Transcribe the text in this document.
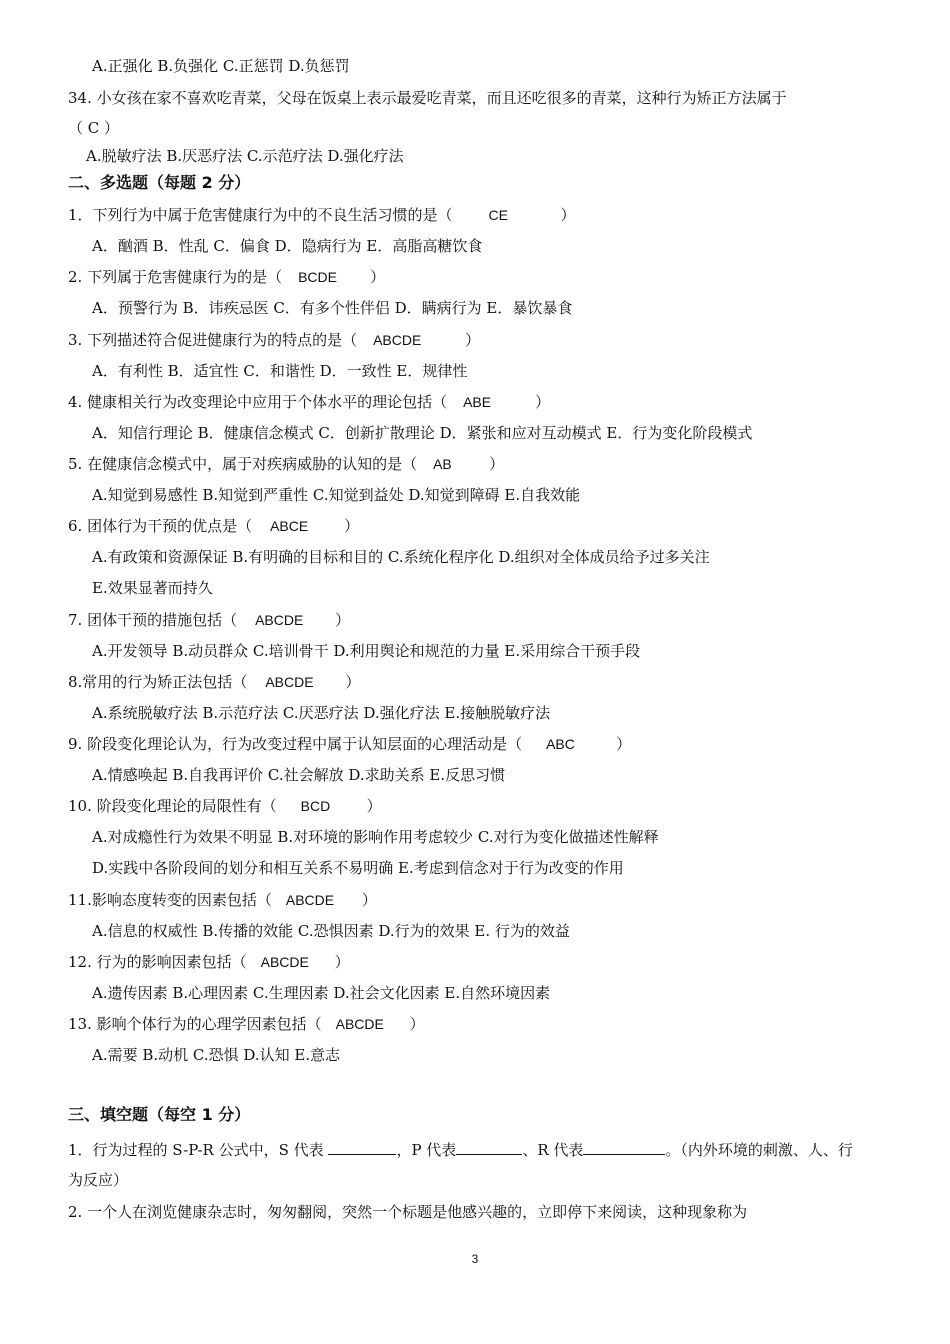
A.正强化 B.负强化 C.正惩罚 D.负惩罚
34. 小女孩在家不喜欢吃青菜，父母在饭桌上表示最爱吃青菜，而且还吃很多的青菜，这种行为矫正方法属于
（ C ）
A.脱敏疗法 B.厌恶疗法 C.示范疗法 D.强化疗法
二、多选题（每题 2 分）
1．下列行为中属于危害健康行为中的不良生活习惯的是（	CE	）
A．酗酒 B．性乱 C．偏食 D．隐病行为 E．高脂高糖饮食
2. 下列属于危害健康行为的是（ BCDE ）
A．预警行为 B．讳疾忌医 C．有多个性伴侣 D．瞒病行为 E．暴饮暴食
3. 下列描述符合促进健康行为的特点的是（ ABCDE	）
A．有利性 B．适宜性 C．和谐性 D．一致性 E．规律性
4. 健康相关行为改变理论中应用于个体水平的理论包括（ ABE	）
A．知信行理论 B．健康信念模式 C．创新扩散理论 D．紧张和应对互动模式 E．行为变化阶段模式
5. 在健康信念模式中，属于对疾病威胁的认知的是（ AB ）
A.知觉到易感性 B.知觉到严重性 C.知觉到益处 D.知觉到障碍 E.自我效能
6. 团体行为干预的优点是（ ABCE ）
A.有政策和资源保证 B.有明确的目标和目的 C.系统化程序化 D.组织对全体成员给予过多关注
E.效果显著而持久
7. 团体干预的措施包括（ ABCDE ）
A.开发领导 B.动员群众 C.培训骨干 D.利用舆论和规范的力量 E.采用综合干预手段
8.常用的行为矫正法包括（ ABCDE ）
A.系统脱敏疗法 B.示范疗法 C.厌恶疗法 D.强化疗法 E.接触脱敏疗法
9. 阶段变化理论认为，行为改变过程中属于认知层面的心理活动是（ ABC	）
A.情感唤起 B.自我再评价 C.社会解放 D.求助关系 E.反思习惯
10. 阶段变化理论的局限性有（ BCD ）
A.对成瘾性行为效果不明显 B.对环境的影响作用考虑较少 C.对行为变化做描述性解释
D.实践中各阶段间的划分和相互关系不易明确 E.考虑到信念对于行为改变的作用
11.影响态度转变的因素包括（ ABCDE ）
A.信息的权威性 B.传播的效能 C.恐惧因素 D.行为的效果 E. 行为的效益
12. 行为的影响因素包括（ ABCDE ）
A.遗传因素 B.心理因素 C.生理因素 D.社会文化因素 E.自然环境因素
13. 影响个体行为的心理学因素包括（ ABCDE ）
A.需要 B.动机 C.恐惧 D.认知 E.意志
三、填空题（每空 1 分）
1．行为过程的 S-P-R 公式中，S 代表	，P 代表	、R 代表	。（内外环境的刺激、人、行
为反应）
2. 一个人在浏览健康杂志时，匆匆翻阅，突然一个标题是他感兴趣的，立即停下来阅读，这种现象称为
3
